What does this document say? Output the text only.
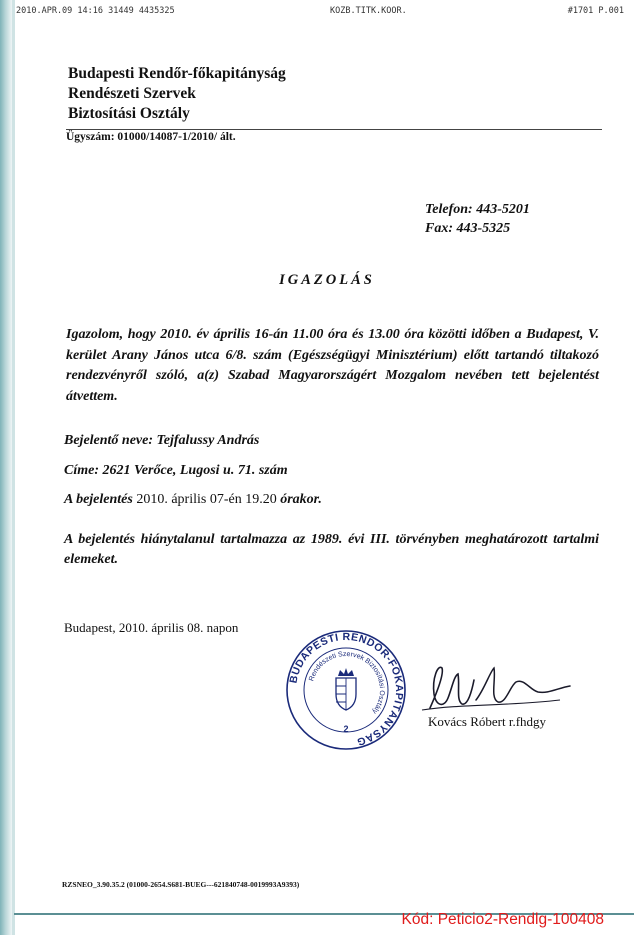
2010.APR.09 14:16 31449 4435325	KOZB.TITK.KOOR.	#1701 P.001
Budapesti Rendőr-főkapitányság
Rendészeti Szervek
Biztosítási Osztály
Ügyszám: 01000/14087-1/2010/ ált.
Telefon: 443-5201
Fax: 443-5325
IGAZOLÁS
Igazolom, hogy 2010. év április 16-án 11.00 óra és 13.00 óra közötti időben a Budapest, V. kerület Arany János utca 6/8. szám (Egészségügyi Minisztérium) előtt tartandó tiltakozó rendezvényről szóló, a(z) Szabad Magyarországért Mozgalom nevében tett bejelentést átvettem.
Bejelentő neve: Tejfalussy András
Címe: 2621 Verőce, Lugosi u. 71. szám
A bejelentés 2010. április 07-én 19.20 órakor.
A bejelentés hiánytalanul tartalmazza az 1989. évi III. törvényben meghatározott tartalmi elemeket.
Budapest, 2010. április 08. napon
BUDAPESTI RENDŐR-FŐKAPITÁNYSÁG
Rendészeti Szervek Biztosítási Osztály
2	Kovács Róbert r.fhdgy
RZSNEO_3.90.35.2 (01000-2654.S681-BUEG---621840748-0019993A9393)
Kód: Peticio2-Rendlg-100408
